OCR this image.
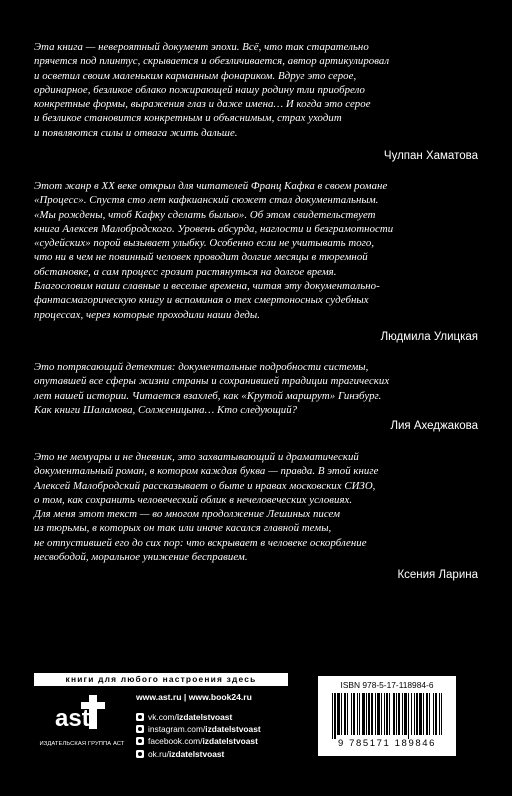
Эта книга — невероятный документ эпохи. Всё, что так старательно
прячется под плинтус, скрывается и обезличивается, автор артикулировал
и осветил своим маленьким карманным фонариком. Вдруг это серое,
ординарное, безликое облако пожирающей нашу родину тли приобрело
конкретные формы, выражения глаз и даже имена… И когда это серое
и безликое становится конкретным и объяснимым, страх уходит
и появляются силы и отвага жить дальше.
Чулпан Хаматова
Этот жанр в ХХ веке открыл для читателей Франц Кафка в своем романе
«Процесс». Спустя сто лет кафкианский сюжет стал документальным.
«Мы рождены, чтоб Кафку сделать былью». Об этом свидетельствует
книга Алексея Малобродского. Уровень абсурда, наглости и безграмотности
«судейских» порой вызывает улыбку. Особенно если не учитывать того,
что ни в чем не повинный человек проводит долгие месяцы в тюремной
обстановке, а сам процесс грозит растянуться на долгое время.
Благословим наши славные и веселые времена, читая эту документально-
фантасмагорическую книгу и вспоминая о тех смертоносных судебных
процессах, через которые проходили наши деды.
Людмила Улицкая
Это потрясающий детектив: документальные подробности системы,
опутавшей все сферы жизни страны и сохранившей традиции трагических
лет нашей истории. Читается взахлеб, как «Крутой маршрут» Гинзбург.
Как книги Шаламова, Солженицына… Кто следующий?
Лия Ахеджакова
Это не мемуары и не дневник, это захватывающий и драматический
документальный роман, в котором каждая буква — правда. В этой книге
Алексей Малобродский рассказывает о быте и нравах московских СИЗО,
о том, как сохранить человеческий облик в нечеловеческих условиях.
Для меня этот текст — во многом продолжение Лешиных писем
из тюрьмы, в которых он так или иначе касался главной темы,
не отпустившей его до сих пор: что вскрывает в человеке оскорбление
несвободой, моральное унижение бесправием.
Ксения Ларина
книги для любого настроения здесь
ast
ИЗДАТЕЛЬСКАЯ ГРУППА АСТ
www.ast.ru | www.book24.ru
vk.com/ izdatelstvoast
instagram.com/ izdatelstvoast
facebook.com/ izdatelstvoast
ok.ru/ izdatelstvoast
ISBN 978-5-17-118984-6
9 785171 189846
